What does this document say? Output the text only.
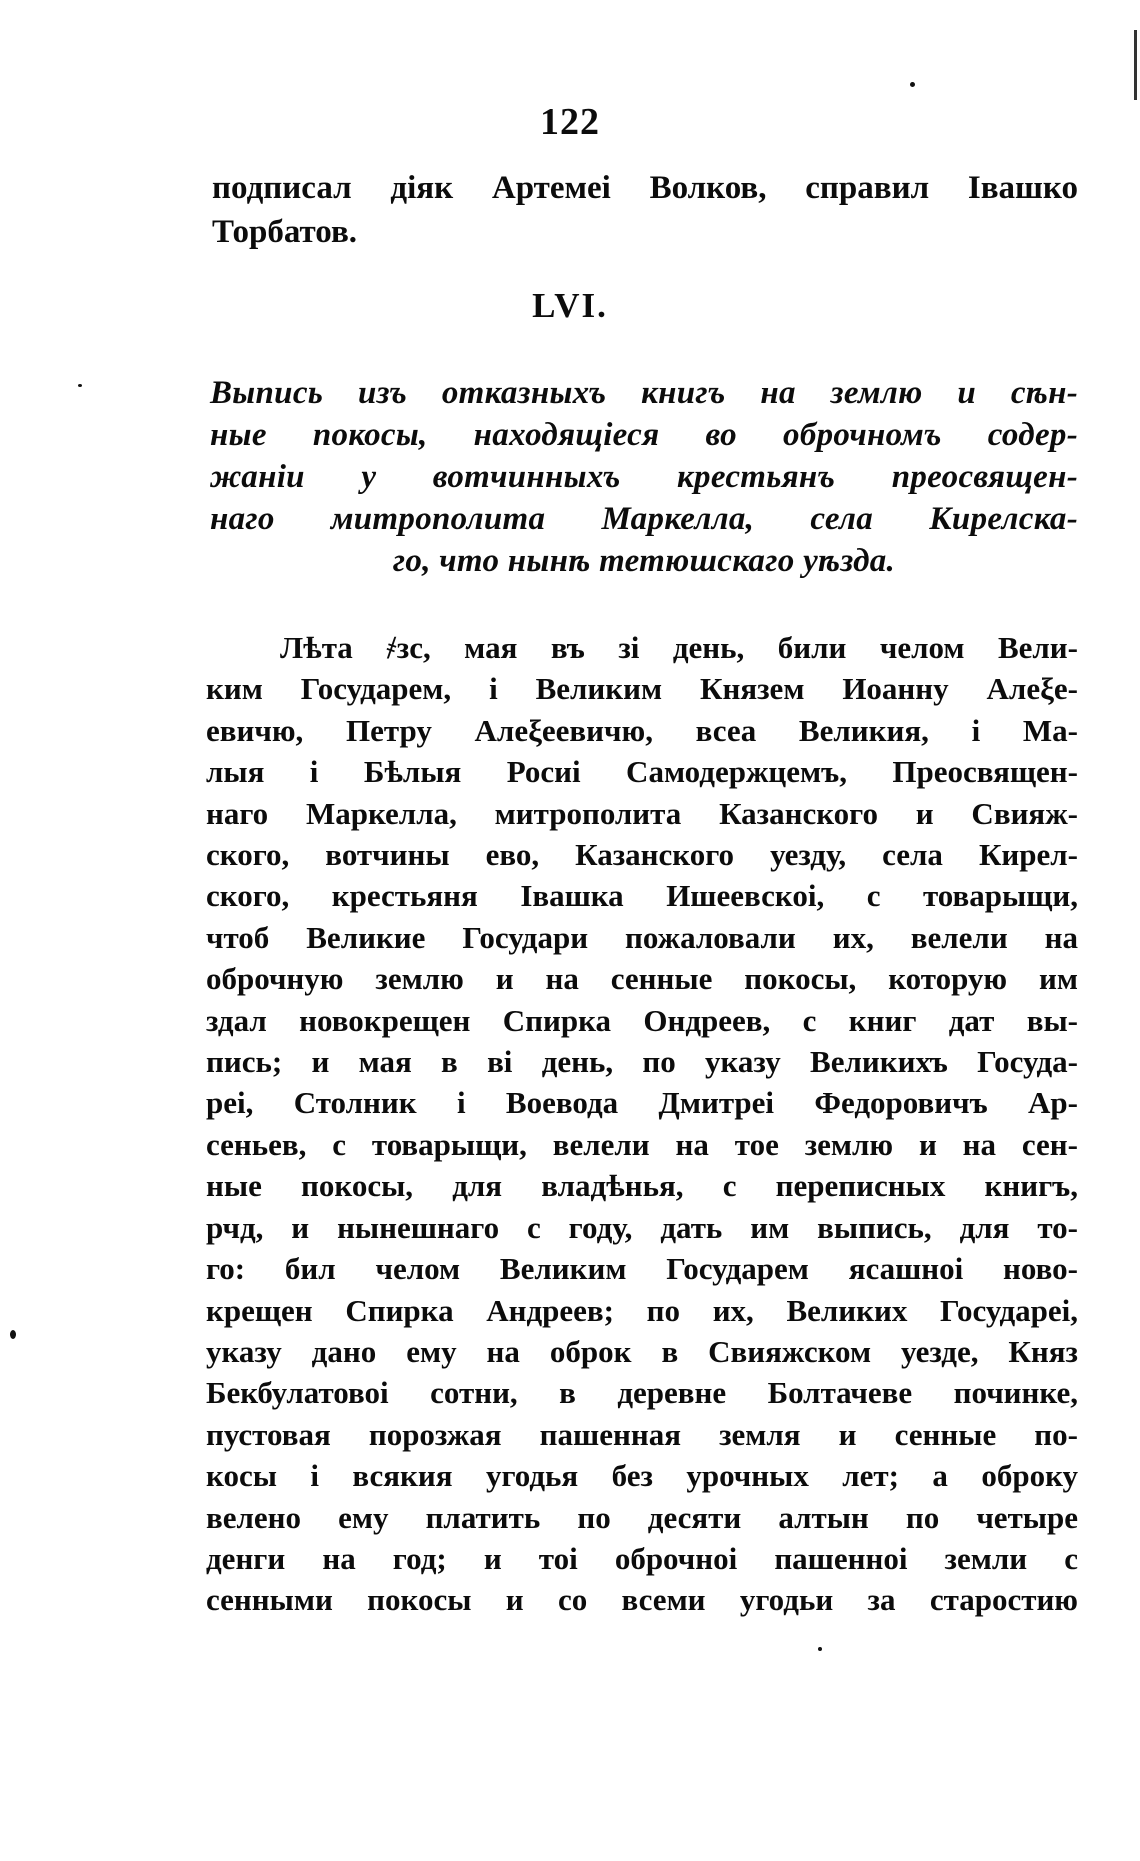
122
подписал діяк Артемеі Волков, справил Івашко
Торбатов.
LVI.
Выпись изъ отказныхъ книгъ на землю и сѣн-
ные покосы, находящіеся во оброчномъ содер-
жаніи у вотчинныхъ крестьянъ преосвящен-
наго митрополита Маркелла, села Кирелска-
го, что нынѣ тетюшскаго уѣзда.
Лѣта ҂зс, мая въ зі день, били челом Вели-
ким Государем, і Великим Князем Иоанну Алеξе-
евичю, Петру Алеξеевичю, всеа Великия, і Ма-
лыя і Бѣлыя Росиі Самодержцемъ, Преосвящен-
наго Маркелла, митрополита Казанского и Свияж-
ского, вотчины ево, Казанского уезду, села Кирел-
ского, крестьяня Івашка Ишеевскоі, с товарыщи,
чтоб Великие Государи пожаловали их, велели на
оброчную землю и на сенные покосы, которую им
здал новокрещен Спирка Ондреев, с книг дат вы-
пись; и мая в ві день, по указу Великихъ Госуда-
реі, Столник і Воевода Дмитреі Федоровичъ Ар-
сеньев, с товарыщи, велели на тое землю и на сен-
ные покосы, для владѣнья, с переписных книгъ,
рчд, и нынешнаго с году, дать им выпись, для то-
го: бил челом Великим Государем ясашноі ново-
крещен Спирка Андреев; по их, Великих Государеі,
указу дано ему на оброк в Свияжском уезде, Княз
Бекбулатовоі сотни, в деревне Болтачеве починке,
пустовая порозжая пашенная земля и сенные по-
косы і всякия угодья без урочных лет; а оброку
велено ему платить по десяти алтын по четыре
денги на год; и тоі оброчноі пашенноі земли с
сенными покосы и со всеми угодьи за старостию
